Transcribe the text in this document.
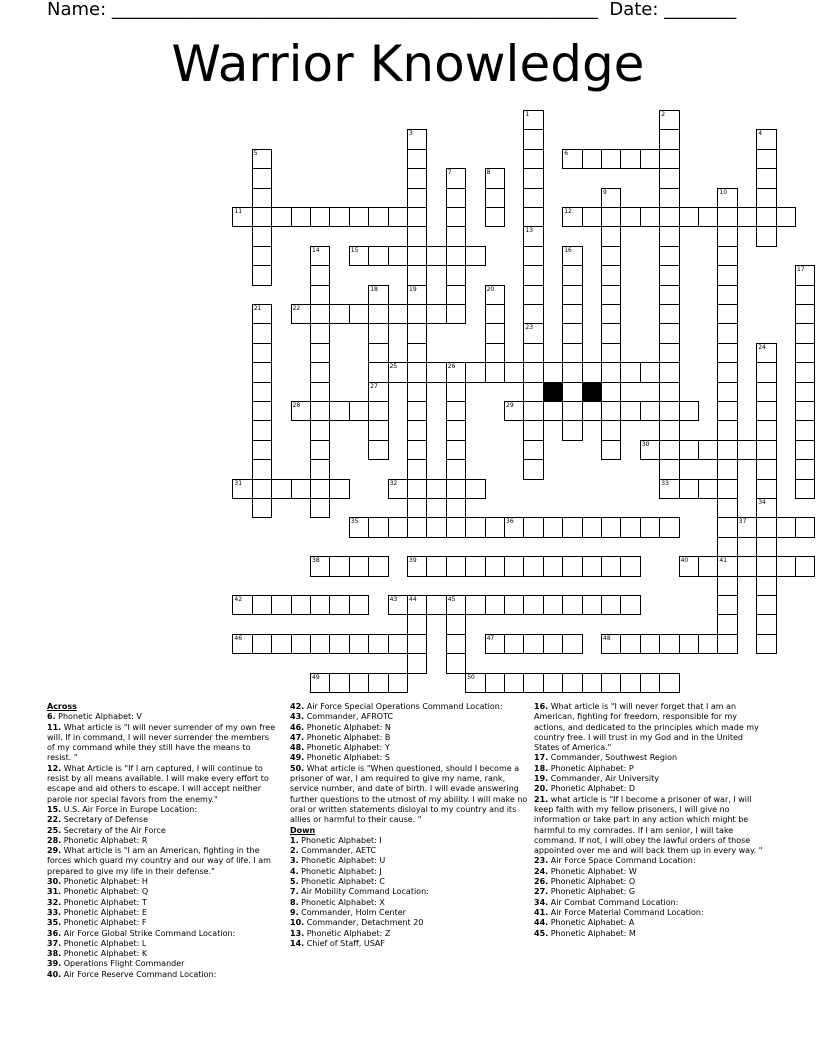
Name: ______________________________________________________ Date: ________
Warrior Knowledge
6
11	12
15
22
25	26
28	29
30
31	32	33
35	36	37
38	39	40	41
42	43 44	45
46	47	48
49	50
1
13
2
3
19
4
5
7	8
9	10
23
14	16
17
18
27
20
21
24
34
Across
6. Phonetic Alphabet: V
11. What article is "I will never surrender of my own free will. If in command, I will never surrender the members of my command while they still have the means to resist. "
12. What Article is "If I am captured, I will continue to resist by all means available. I will make every effort to escape and aid others to escape. I will accept neither parole nor special favors from the enemy."
15. U.S. Air Force in Europe Location:
22. Secretary of Defense
25. Secretary of the Air Force
28. Phonetic Alphabet: R
29. What article is "I am an American, fighting in the forces which guard my country and our way of life. I am prepared to give my life in their defense."
30. Phonetic Alphabet: H
31. Phonetic Alphabet: Q
32. Phonetic Alphabet: T
33. Phonetic Alphabet: E
35. Phonetic Alphabet: F
36. Air Force Global Strike Command Location:
37. Phonetic Alphabet: L
38. Phonetic Alphabet: K
39. Operations Flight Commander
40. Air Force Reserve Command Location:
42. Air Force Special Operations Command Location:
43. Commander, AFROTC
46. Phonetic Alphabet: N
47. Phonetic Alphabet: B
48. Phonetic Alphabet: Y
49. Phonetic Alphabet: S
50. What article is "When questioned, should I become a prisoner of war, I am required to give my name, rank, service number, and date of birth. I will evade answering further questions to the utmost of my ability. I will make no oral or written statements disloyal to my country and its allies or harmful to their cause. "
Down
1. Phonetic Alphabet: I
2. Commander, AETC
3. Phonetic Alphabet: U
4. Phonetic Alphabet: J
5. Phonetic Alphabet: C
7. Air Mobility Command Location:
8. Phonetic Alphabet: X
9. Commander, Holm Center
10. Commander, Detachment 20
13. Phonetic Alphabet: Z
14. Chief of Staff, USAF
16. What article is "I will never forget that I am an American, fighting for freedom, responsible for my actions, and dedicated to the principles which made my country free. I will trust in my God and in the United States of America."
17. Commander, Southwest Region
18. Phonetic Alphabet: P
19. Commander, Air University
20. Phonetic Alphabet: D
21. what article is "If I become a prisoner of war, I will keep faith with my fellow prisoners, I will give no information or take part in any action which might be harmful to my comrades. If I am senior, I will take command. If not, I will obey the lawful orders of those appointed over me and will back them up in every way. "
23. Air Force Space Command Location:
24. Phonetic Alphabet: W
26. Phonetic Alphabet: O
27. Phonetic Alphabet: G
34. Air Combat Command Location:
41. Air Force Material Command Location:
44. Phonetic Alphabet: A
45. Phonetic Alphabet: M
